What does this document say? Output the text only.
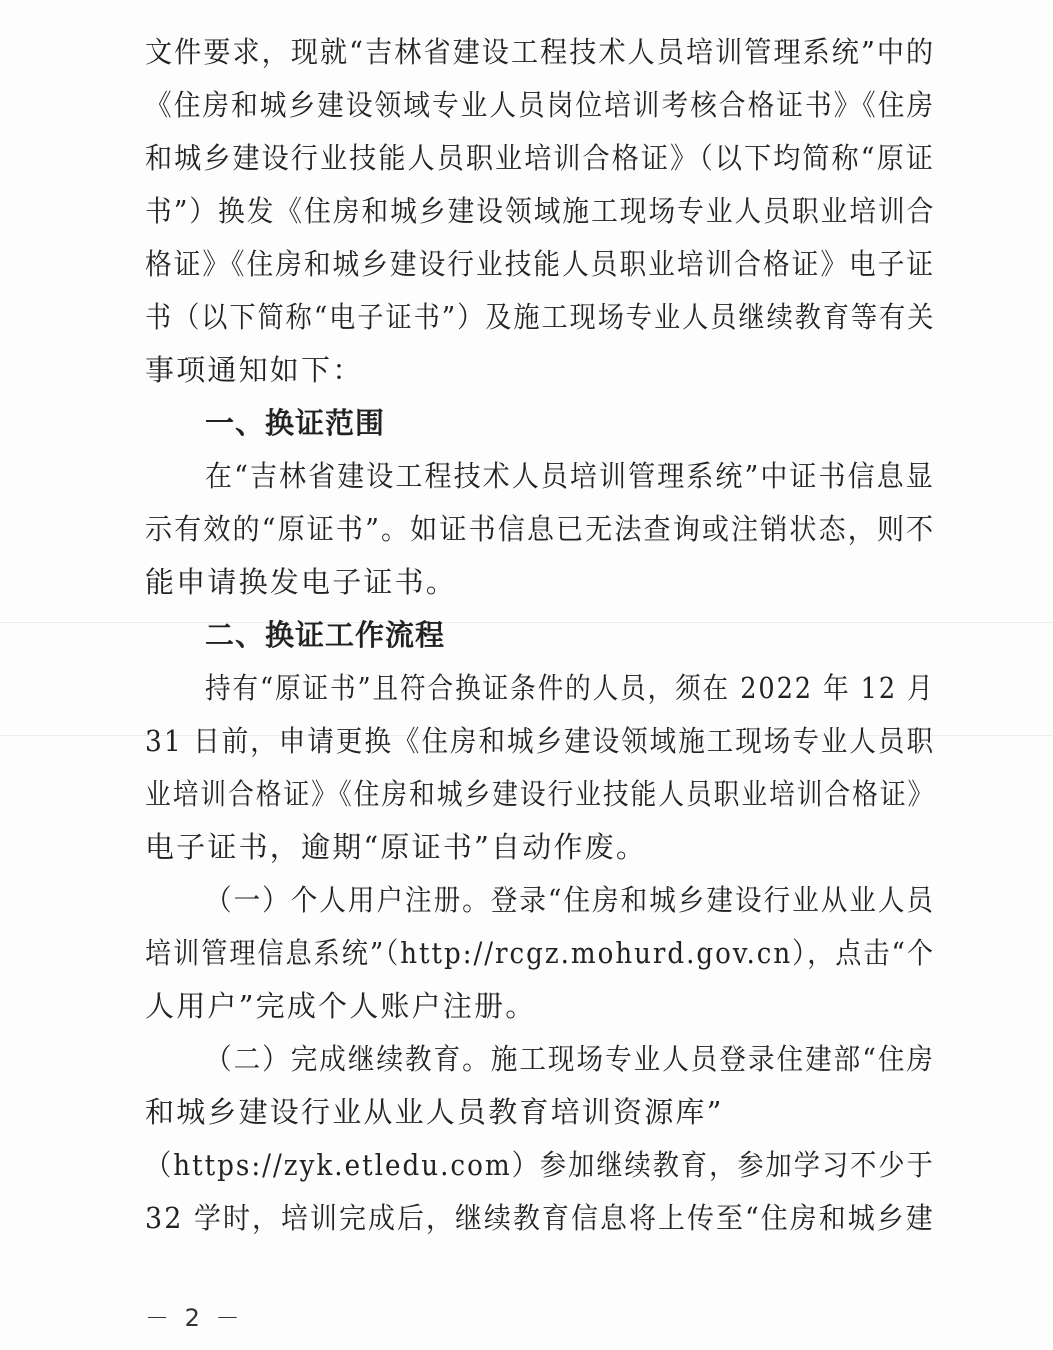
文件要求，现就“吉林省建设工程技术人员培训管理系统”中的
《住房和城乡建设领域专业人员岗位培训考核合格证书》《住房
和城乡建设行业技能人员职业培训合格证》（以下均简称“原证
书”）换发《住房和城乡建设领域施工现场专业人员职业培训合
格证》《住房和城乡建设行业技能人员职业培训合格证》电子证
书（以下简称“电子证书”）及施工现场专业人员继续教育等有关
事项通知如下：
一、换证范围
在“吉林省建设工程技术人员培训管理系统”中证书信息显
示有效的“原证书”。如证书信息已无法查询或注销状态，则不
能申请换发电子证书。
二、换证工作流程
持有“原证书”且符合换证条件的人员，须在 2022 年 12 月
31 日前，申请更换《住房和城乡建设领域施工现场专业人员职
业培训合格证》《住房和城乡建设行业技能人员职业培训合格证》
电子证书，逾期“原证书”自动作废。
（一）个人用户注册。登录“住房和城乡建设行业从业人员
培训管理信息系统”（http://rcgz.mohurd.gov.cn），点击“个
人用户”完成个人账户注册。
（二）完成继续教育。施工现场专业人员登录住建部“住房
和城乡建设行业从业人员教育培训资源库”
（https://zyk.etledu.com）参加继续教育，参加学习不少于
32 学时，培训完成后，继续教育信息将上传至“住房和城乡建
－ 2 －
